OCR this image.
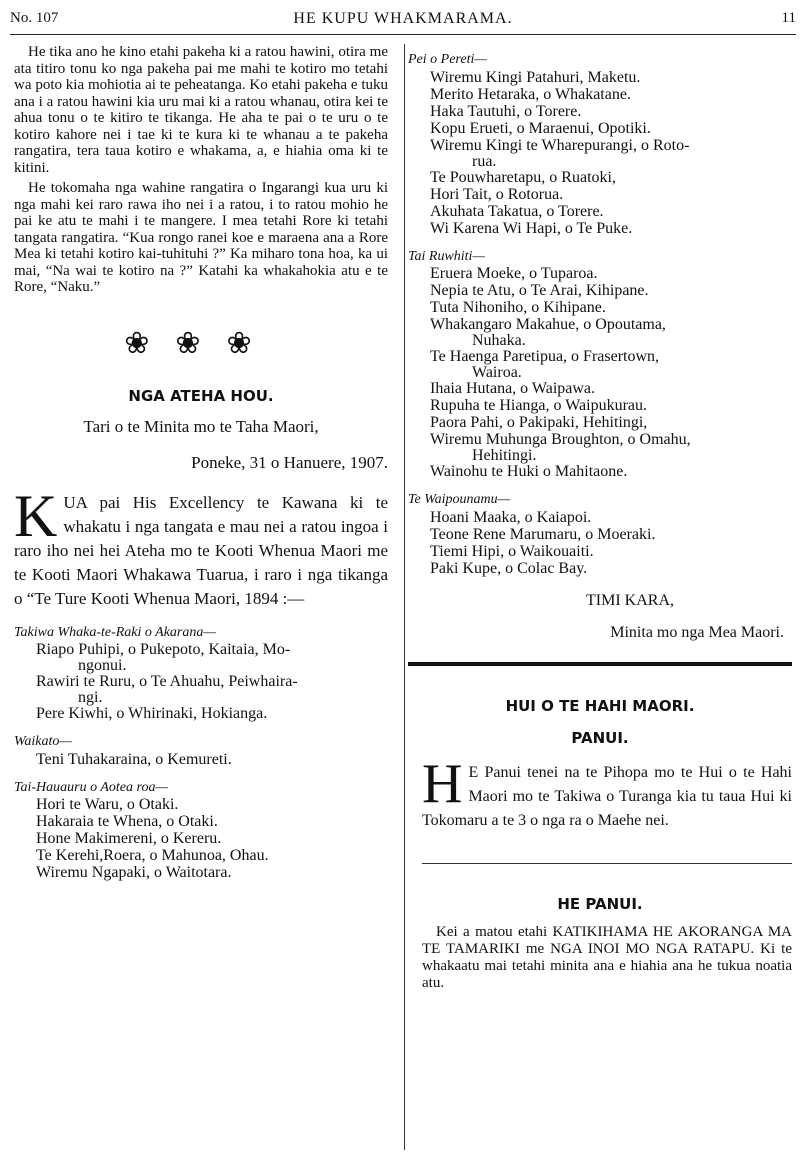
No. 107	HE KUPU WHAKMARAMA.	11

He tika ano he kino etahi pakeha ki a ratou hawini, otira me ata titiro tonu ko nga pakeha pai me mahi te kotiro mo tetahi wa poto kia mohiotia ai te peheatanga. Ko etahi pakeha e tuku ana i a ratou hawini kia uru mai ki a ratou whanau, otira kei te ahua tonu o te kitiro te tikanga. He aha te pai o te uru o te kotiro kahore nei i tae ki te kura ki te whanau a te pakeha rangatira, tera taua kotiro e whakama, a, e hiahia oma ki te kitini.

He tokomaha nga wahine rangatira o Ingarangi kua uru ki nga mahi kei raro rawa iho nei i a ratou, i to ratou mohio he pai ke atu te mahi i te mangere. I mea tetahi Rore ki tetahi tangata rangatira. “Kua rongo ranei koe e maraena ana a Rore Mea ki tetahi kotiro kai-tuhituhi ?” Ka miharo tona hoa, ka ui mai, “Na wai te kotiro na ?” Katahi ka whakahokia atu e te Rore, “Naku.”

❀❀❀
NGA ATEHA HOU.
Tari o te Minita mo te Taha Maori,
Poneke, 31 o Hanuere, 1907.
K UA pai His Excellency te Kawana ki te whakatu i nga tangata e mau nei a ratou ingoa i raro iho nei hei Ateha mo te Kooti Whenua Maori me te Kooti Maori Whakawa Tuarua, i raro i nga tikanga o “Te Ture Kooti Whenua Maori, 1894 :—
Takiwa Whaka-te-Raki o Akarana—
Riapo Puhipi, o Pukepoto, Kaitaia, Mo-
ngonui.
Rawiri te Ruru, o Te Ahuahu, Peiwhaira-
ngi.
Pere Kiwhi, o Whirinaki, Hokianga.
Waikato—
Teni Tuhakaraina, o Kemureti.
Tai-Hauauru o Aotea roa—
Hori te Waru, o Otaki.
Hakaraia te Whena, o Otaki.
Hone Makimereni, o Kereru.
Te Kerehi,Roera, o Mahunoa, Ohau.
Wiremu Ngapaki, o Waitotara.
Pei o Pereti—
Wiremu Kingi Patahuri, Maketu.
Merito Hetaraka, o Whakatane.
Haka Tautuhi, o Torere.
Kopu Erueti, o Maraenui, Opotiki.
Wiremu Kingi te Wharepurangi, o Roto-
rua.
Te Pouwharetapu, o Ruatoki,
Hori Tait, o Rotorua.
Akuhata Takatua, o Torere.
Wi Karena Wi Hapi, o Te Puke.
Tai Ruwhiti—
Eruera Moeke, o Tuparoa.
Nepia te Atu, o Te Arai, Kihipane.
Tuta Nihoniho, o Kihipane.
Whakangaro Makahue, o Opoutama,
Nuhaka.
Te Haenga Paretipua, o Frasertown,
Wairoa.
Ihaia Hutana, o Waipawa.
Rupuha te Hianga, o Waipukurau.
Paora Pahi, o Pakipaki, Hehitingi,
Wiremu Muhunga Broughton, o Omahu,
Hehitingi.
Wainohu te Huki o Mahitaone.
Te Waipounamu—
Hoani Maaka, o Kaiapoi.
Teone Rene Marumaru, o Moeraki.
Tiemi Hipi, o Waikouaiti.
Paki Kupe, o Colac Bay.
TIMI KARA,
Minita mo nga Mea Maori.
HUI O TE HAHI MAORI.
PANUI.
H E Panui tenei na te Pihopa mo te Hui o te Hahi Maori mo te Takiwa o Turanga kia tu taua Hui ki Tokomaru a te 3 o nga ra o Maehe nei.
HE PANUI.
Kei a matou etahi KATIKIHAMA HE AKORANGA MA TE TAMARIKI me NGA INOI MO NGA RATAPU. Ki te whakaatu mai tetahi minita ana e hiahia ana he tukua noatia atu.
